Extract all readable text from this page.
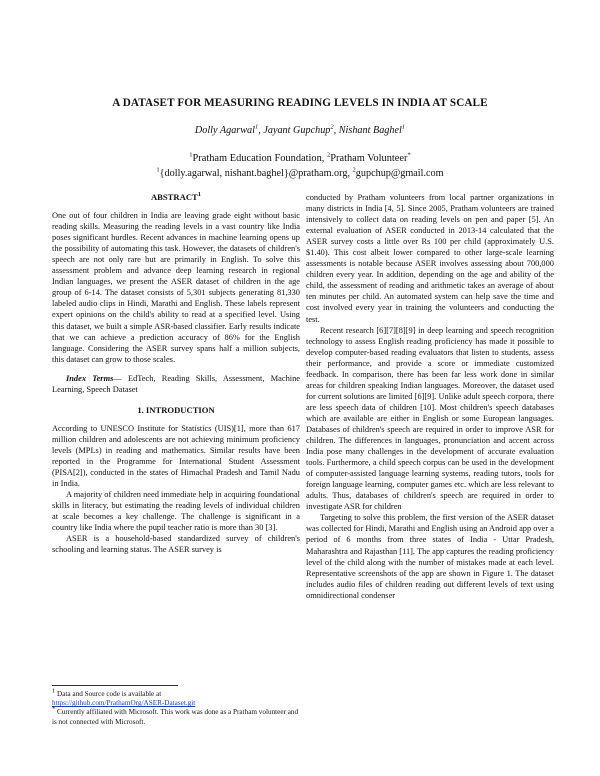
A DATASET FOR MEASURING READING LEVELS IN INDIA AT SCALE
Dolly Agarwal$^1$, Jayant Gupchup$^2$, Nishant Baghel$^1$
$^1$Pratham Education Foundation, $^2$Pratham Volunteer*
$^1${dolly.agarwal, nishant.baghel}@pratham.org, $^2$gupchup@gmail.com
ABSTRACT$^1$

One out of four children in India are leaving grade eight without basic reading skills. Measuring the reading levels in a vast country like India poses significant hurdles. Recent advances in machine learning opens up the possibility of automating this task. However, the datasets of children's speech are not only rare but are primarily in English. To solve this assessment problem and advance deep learning research in regional Indian languages, we present the ASER dataset of children in the age group of 6-14. The dataset consists of 5,301 subjects generating 81,330 labeled audio clips in Hindi, Marathi and English. These labels represent expert opinions on the child's ability to read at a specified level. Using this dataset, we built a simple ASR-based classifier. Early results indicate that we can achieve a prediction accuracy of 86% for the English language. Considering the ASER survey spans half a million subjects, this dataset can grow to those scales.

Index Terms— EdTech, Reading Skills, Assessment, Machine Learning, Speech Dataset

1. INTRODUCTION

According to UNESCO Institute for Statistics (UIS)[1], more than 617 million children and adolescents are not achieving minimum proficiency levels (MPLs) in reading and mathematics. Similar results have been reported in the Programme for International Student Assessment (PISA[2]), conducted in the states of Himachal Pradesh and Tamil Nadu in India.

A majority of children need immediate help in acquiring foundational skills in literacy, but estimating the reading levels of individual children at scale becomes a key challenge. The challenge is significant in a country like India where the pupil teacher ratio is more than 30 [3].

ASER is a household-based standardized survey of children's schooling and learning status. The ASER survey is

conducted by Pratham volunteers from local partner organizations in many districts in India [4, 5]. Since 2005, Pratham volunteers are trained intensively to collect data on reading levels on pen and paper [5]. An external evaluation of ASER conducted in 2013-14 calculated that the ASER survey costs a little over Rs 100 per child (approximately U.S. $1.40). This cost albeit lower compared to other large-scale learning assessments is notable because ASER involves assessing about 700,000 children every year. In addition, depending on the age and ability of the child, the assessment of reading and arithmetic takes an average of about ten minutes per child. An automated system can help save the time and cost involved every year in training the volunteers and conducting the test.

Recent research [6][7][8][9] in deep learning and speech recognition technology to assess English reading proficiency has made it possible to develop computer-based reading evaluators that listen to students, assess their performance, and provide a score or immediate customized feedback. In comparison, there has been far less work done in similar areas for children speaking Indian languages. Moreover, the dataset used for current solutions are limited [6][9]. Unlike adult speech corpora, there are less speech data of children [10]. Most children's speech databases which are available are either in English or some European languages. Databases of children's speech are required in order to improve ASR for children. The differences in languages, pronunciation and accent across India pose many challenges in the development of accurate evaluation tools. Furthermore, a child speech corpus can be used in the development of computer-assisted language learning systems, reading tutors, tools for foreign language learning, computer games etc. which are less relevant to adults. Thus, databases of children's speech are required in order to investigate ASR for children

Targeting to solve this problem, the first version of the ASER dataset was collected for Hindi, Marathi and English using an Android app over a period of 6 months from three states of India - Uttar Pradesh, Maharashtra and Rajasthan [11]. The app captures the reading proficiency level of the child along with the number of mistakes made at each level. Representative screenshots of the app are shown in Figure 1. The dataset includes audio files of children reading out different levels of text using omnidirectional condenser

$^1$ Data and Source code is available at
https://github.com/PrathamOrg/ASER-Dataset.git
* Currently affiliated with Microsoft. This work was done as a Pratham volunteer and is not connected with Microsoft.
